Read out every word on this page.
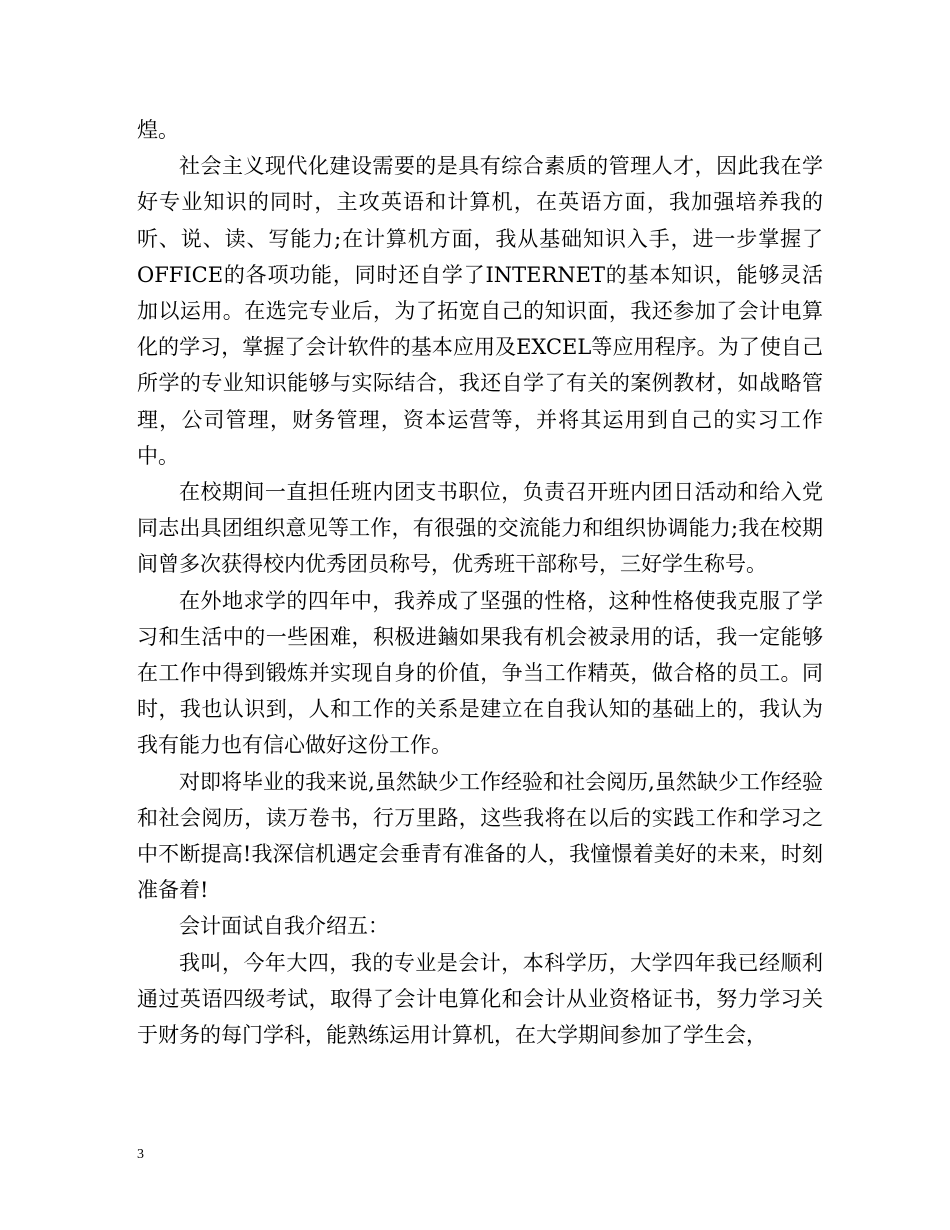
煌。

社会主义现代化建设需要的是具有综合素质的管理人才，因此我在学好专业知识的同时，主攻英语和计算机，在英语方面，我加强培养我的听、说、读、写能力;在计算机方面，我从基础知识入手，进一步掌握了OFFICE的各项功能，同时还自学了INTERNET的基本知识，能够灵活加以运用。在选完专业后，为了拓宽自己的知识面，我还参加了会计电算化的学习，掌握了会计软件的基本应用及EXCEL等应用程序。为了使自己所学的专业知识能够与实际结合，我还自学了有关的案例教材，如战略管理，公司管理，财务管理，资本运营等，并将其运用到自己的实习工作中。

在校期间一直担任班内团支书职位，负责召开班内团日活动和给入党同志出具团组织意见等工作，有很强的交流能力和组织协调能力;我在校期间曾多次获得校内优秀团员称号，优秀班干部称号，三好学生称号。

在外地求学的四年中，我养成了坚强的性格，这种性格使我克服了学习和生活中的一些困难，积极进鏀如果我有机会被录用的话，我一定能够在工作中得到锻炼并实现自身的价值，争当工作精英，做合格的员工。同时，我也认识到，人和工作的关系是建立在自我认知的基础上的，我认为我有能力也有信心做好这份工作。

对即将毕业的我来说,虽然缺少工作经验和社会阅历,虽然缺少工作经验和社会阅历，读万卷书，行万里路，这些我将在以后的实践工作和学习之中不断提高!我深信机遇定会垂青有准备的人，我憧憬着美好的未来，时刻准备着!

会计面试自我介绍五：

我叫，今年大四，我的专业是会计，本科学历，大学四年我已经顺利通过英语四级考试，取得了会计电算化和会计从业资格证书，努力学习关于财务的每门学科，能熟练运用计算机，在大学期间参加了学生会，

3
